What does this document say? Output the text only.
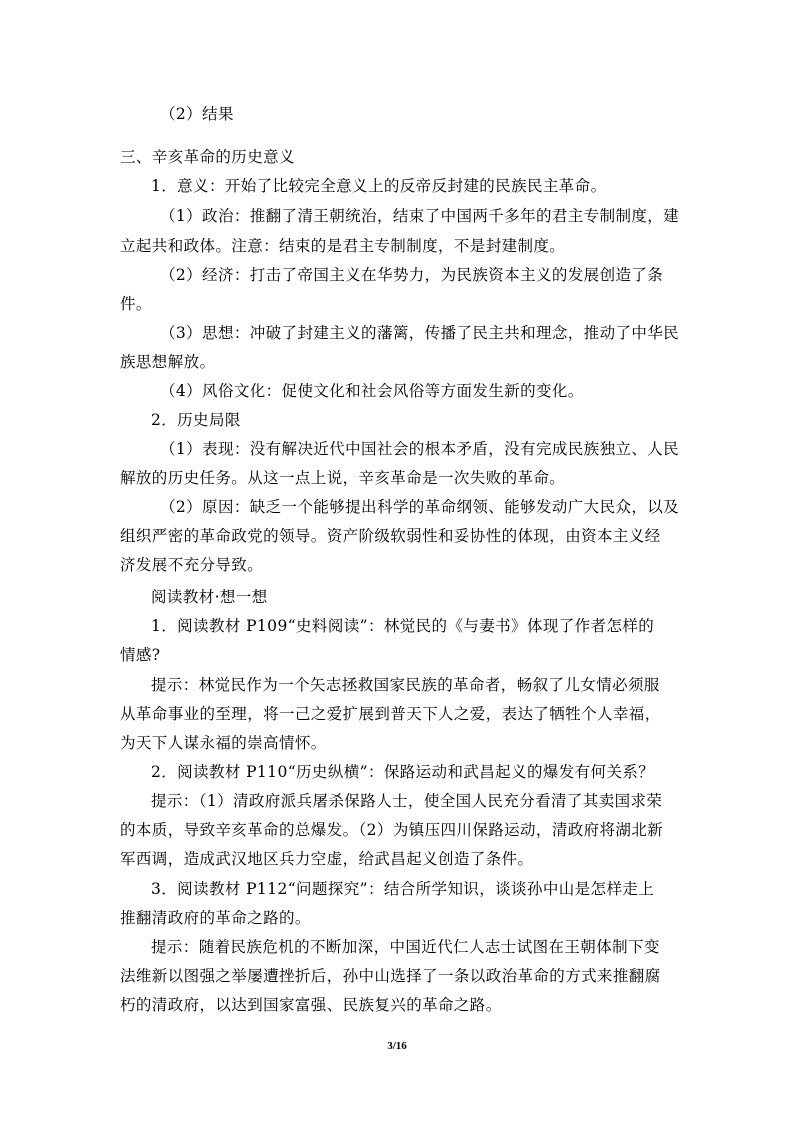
（2）结果
三、辛亥革命的历史意义
1．意义：开始了比较完全意义上的反帝反封建的民族民主革命。
（1）政治：推翻了清王朝统治，结束了中国两千多年的君主专制制度，建
立起共和政体。注意：结束的是君主专制制度，不是封建制度。
（2）经济：打击了帝国主义在华势力，为民族资本主义的发展创造了条
件。
（3）思想：冲破了封建主义的藩篱，传播了民主共和理念，推动了中华民
族思想解放。
（4）风俗文化：促使文化和社会风俗等方面发生新的变化。
2．历史局限
（1）表现：没有解决近代中国社会的根本矛盾，没有完成民族独立、人民
解放的历史任务。从这一点上说，辛亥革命是一次失败的革命。
（2）原因：缺乏一个能够提出科学的革命纲领、能够发动广大民众，以及
组织严密的革命政党的领导。资产阶级软弱性和妥协性的体现，由资本主义经
济发展不充分导致。
阅读教材·想一想
1．阅读教材 P109“史料阅读”：林觉民的《与妻书》体现了作者怎样的
情感?
提示：林觉民作为一个矢志拯救国家民族的革命者，畅叙了儿女情必须服
从革命事业的至理，将一己之爱扩展到普天下人之爱，表达了牺牲个人幸福，
为天下人谋永福的崇高情怀。
2．阅读教材 P110“历史纵横”：保路运动和武昌起义的爆发有何关系？
提示：（1）清政府派兵屠杀保路人士，使全国人民充分看清了其卖国求荣
的本质，导致辛亥革命的总爆发。（2）为镇压四川保路运动，清政府将湖北新
军西调，造成武汉地区兵力空虚，给武昌起义创造了条件。
3．阅读教材 P112“问题探究”：结合所学知识，谈谈孙中山是怎样走上
推翻清政府的革命之路的。
提示：随着民族危机的不断加深，中国近代仁人志士试图在王朝体制下变
法维新以图强之举屡遭挫折后，孙中山选择了一条以政治革命的方式来推翻腐
朽的清政府，以达到国家富强、民族复兴的革命之路。
3/16
